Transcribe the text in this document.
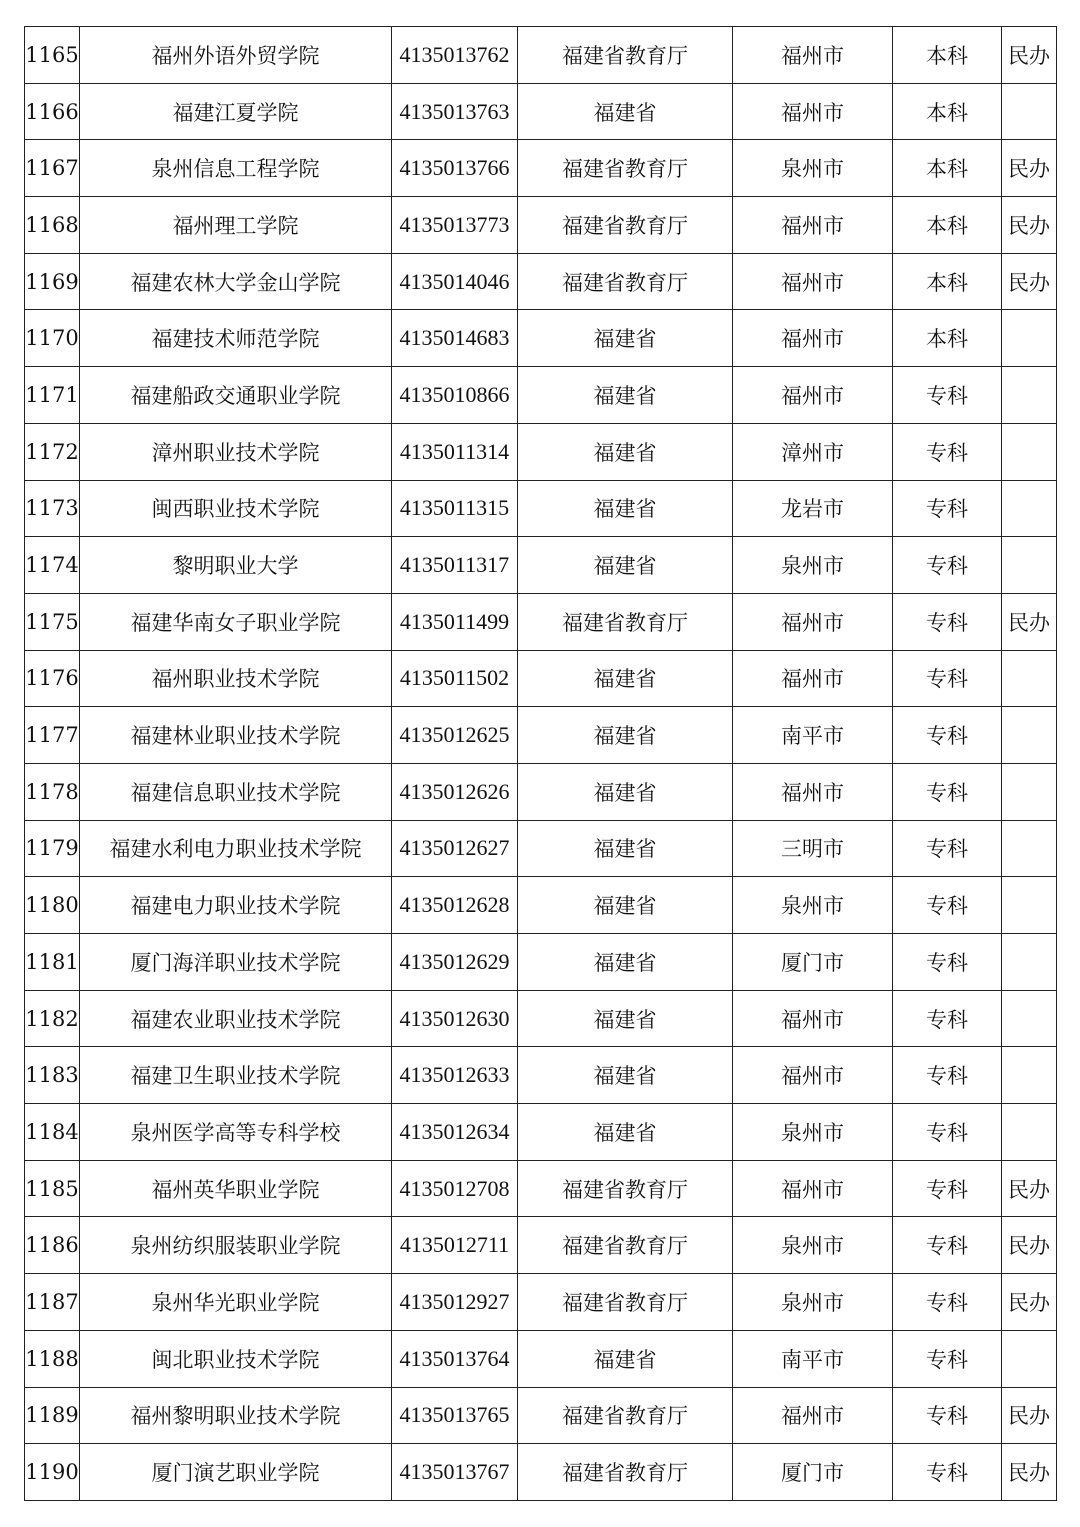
1165	福州外语外贸学院	4135013762	福建省教育厅	福州市	本科	民办
1166	福建江夏学院	4135013763	福建省	福州市	本科	
1167	泉州信息工程学院	4135013766	福建省教育厅	泉州市	本科	民办
1168	福州理工学院	4135013773	福建省教育厅	福州市	本科	民办
1169	福建农林大学金山学院	4135014046	福建省教育厅	福州市	本科	民办
1170	福建技术师范学院	4135014683	福建省	福州市	本科	
1171	福建船政交通职业学院	4135010866	福建省	福州市	专科	
1172	漳州职业技术学院	4135011314	福建省	漳州市	专科	
1173	闽西职业技术学院	4135011315	福建省	龙岩市	专科	
1174	黎明职业大学	4135011317	福建省	泉州市	专科	
1175	福建华南女子职业学院	4135011499	福建省教育厅	福州市	专科	民办
1176	福州职业技术学院	4135011502	福建省	福州市	专科	
1177	福建林业职业技术学院	4135012625	福建省	南平市	专科	
1178	福建信息职业技术学院	4135012626	福建省	福州市	专科	
1179	福建水利电力职业技术学院	4135012627	福建省	三明市	专科	
1180	福建电力职业技术学院	4135012628	福建省	泉州市	专科	
1181	厦门海洋职业技术学院	4135012629	福建省	厦门市	专科	
1182	福建农业职业技术学院	4135012630	福建省	福州市	专科	
1183	福建卫生职业技术学院	4135012633	福建省	福州市	专科	
1184	泉州医学高等专科学校	4135012634	福建省	泉州市	专科	
1185	福州英华职业学院	4135012708	福建省教育厅	福州市	专科	民办
1186	泉州纺织服装职业学院	4135012711	福建省教育厅	泉州市	专科	民办
1187	泉州华光职业学院	4135012927	福建省教育厅	泉州市	专科	民办
1188	闽北职业技术学院	4135013764	福建省	南平市	专科	
1189	福州黎明职业技术学院	4135013765	福建省教育厅	福州市	专科	民办
1190	厦门演艺职业学院	4135013767	福建省教育厅	厦门市	专科	民办
